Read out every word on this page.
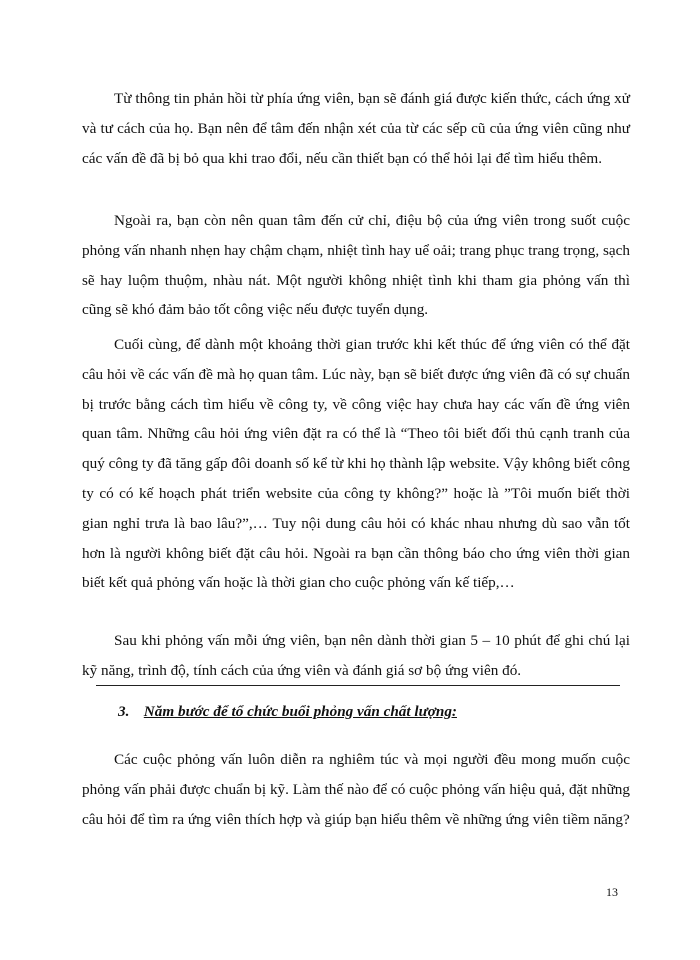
Từ thông tin phản hồi từ phía ứng viên, bạn sẽ đánh giá được kiến thức, cách ứng xử và tư cách của họ. Bạn nên để tâm đến nhận xét của từ các sếp cũ của ứng viên cũng như các vấn đề đã bị bỏ qua khi trao đổi, nếu cần thiết bạn có thể hỏi lại để tìm hiểu thêm.

Ngoài ra, bạn còn nên quan tâm đến cử chỉ, điệu bộ của ứng viên trong suốt cuộc phỏng vấn nhanh nhẹn hay chậm chạm, nhiệt tình hay uể oải; trang phục trang trọng, sạch sẽ hay luộm thuộm, nhàu nát. Một người không nhiệt tình khi tham gia phỏng vấn thì cũng sẽ khó đảm bảo tốt công việc nếu được tuyển dụng.

Cuối cùng, để dành một khoảng thời gian trước khi kết thúc để ứng viên có thể đặt câu hỏi về các vấn đề mà họ quan tâm. Lúc này, bạn sẽ biết được ứng viên đã có sự chuẩn bị trước bằng cách tìm hiểu về công ty, về công việc hay chưa hay các vấn đề ứng viên quan tâm. Những câu hỏi ứng viên đặt ra có thể là “Theo tôi biết đối thủ cạnh tranh của quý công ty đã tăng gấp đôi doanh số kể từ khi họ thành lập website. Vậy không biết công ty có có kế hoạch phát triển website của công ty không?” hoặc là ”Tôi muốn biết thời gian nghỉ trưa là bao lâu?”,… Tuy nội dung câu hỏi có khác nhau nhưng dù sao vẫn tốt hơn là người không biết đặt câu hỏi. Ngoài ra bạn cần thông báo cho ứng viên thời gian biết kết quả phỏng vấn hoặc là thời gian cho cuộc phỏng vấn kế tiếp,…

Sau khi phỏng vấn mỗi ứng viên, bạn nên dành thời gian 5 – 10 phút để ghi chú lại kỹ năng, trình độ, tính cách của ứng viên và đánh giá sơ bộ ứng viên đó.

3. Năm bước để tổ chức buổi phỏng vấn chất lượng:

Các cuộc phỏng vấn luôn diễn ra nghiêm túc và mọi người đều mong muốn cuộc phỏng vấn phải được chuẩn bị kỹ. Làm thế nào để có cuộc phỏng vấn hiệu quả, đặt những câu hỏi để tìm ra ứng viên thích hợp và giúp bạn hiểu thêm về những ứng viên tiềm năng?

13
